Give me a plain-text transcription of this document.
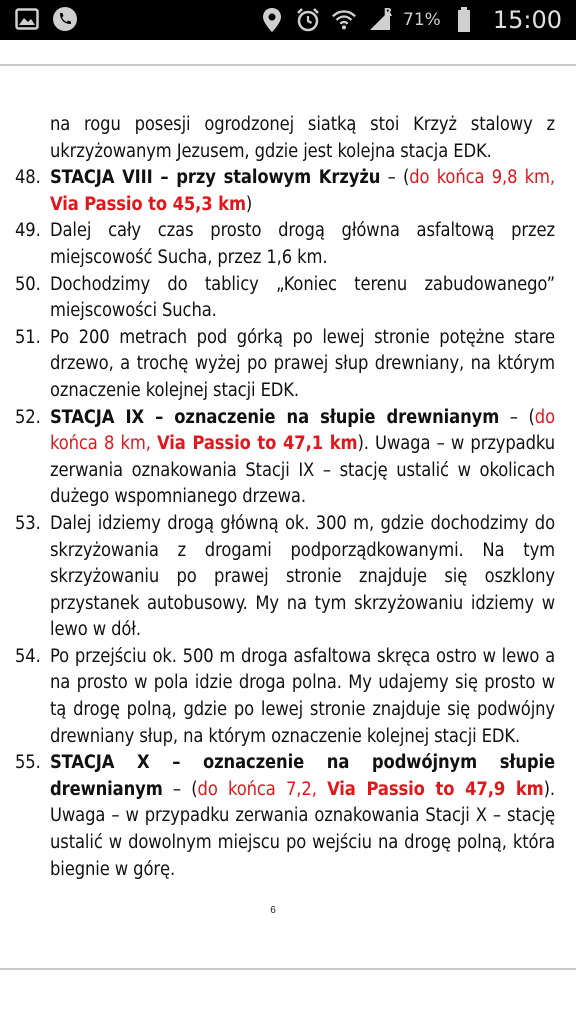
R 71% 15:00
na rogu posesji ogrodzonej siatką stoi Krzyż stalowy z ukrzyżowanym Jezusem, gdzie jest kolejna stacja EDK.
48. STACJA VIII – przy stalowym Krzyżu – (do końca 9,8 km, Via Passio to 45,3 km)
49. Dalej cały czas prosto drogą główna asfaltową przez miejscowość Sucha, przez 1,6 km.
50. Dochodzimy do tablicy „Koniec terenu zabudowanego” miejscowości Sucha.
51. Po 200 metrach pod górką po lewej stronie potężne stare drzewo, a trochę wyżej po prawej słup drewniany, na którym oznaczenie kolejnej stacji EDK.
52. STACJA IX – oznaczenie na słupie drewnianym – (do końca 8 km, Via Passio to 47,1 km). Uwaga – w przypadku zerwania oznakowania Stacji IX – stację ustalić w okolicach dużego wspomnianego drzewa.
53. Dalej idziemy drogą główną ok. 300 m, gdzie dochodzimy do skrzyżowania z drogami podporządkowanymi. Na tym skrzyżowaniu po prawej stronie znajduje się oszklony przystanek autobusowy. My na tym skrzyżowaniu idziemy w lewo w dół.
54. Po przejściu ok. 500 m droga asfaltowa skręca ostro w lewo a na prosto w pola idzie droga polna. My udajemy się prosto w tą drogę polną, gdzie po lewej stronie znajduje się podwójny drewniany słup, na którym oznaczenie kolejnej stacji EDK.
55. STACJA X – oznaczenie na podwójnym słupie drewnianym – (do końca 7,2, Via Passio to 47,9 km). Uwaga – w przypadku zerwania oznakowania Stacji X – stację ustalić w dowolnym miejscu po wejściu na drogę polną, która biegnie w górę.
6
